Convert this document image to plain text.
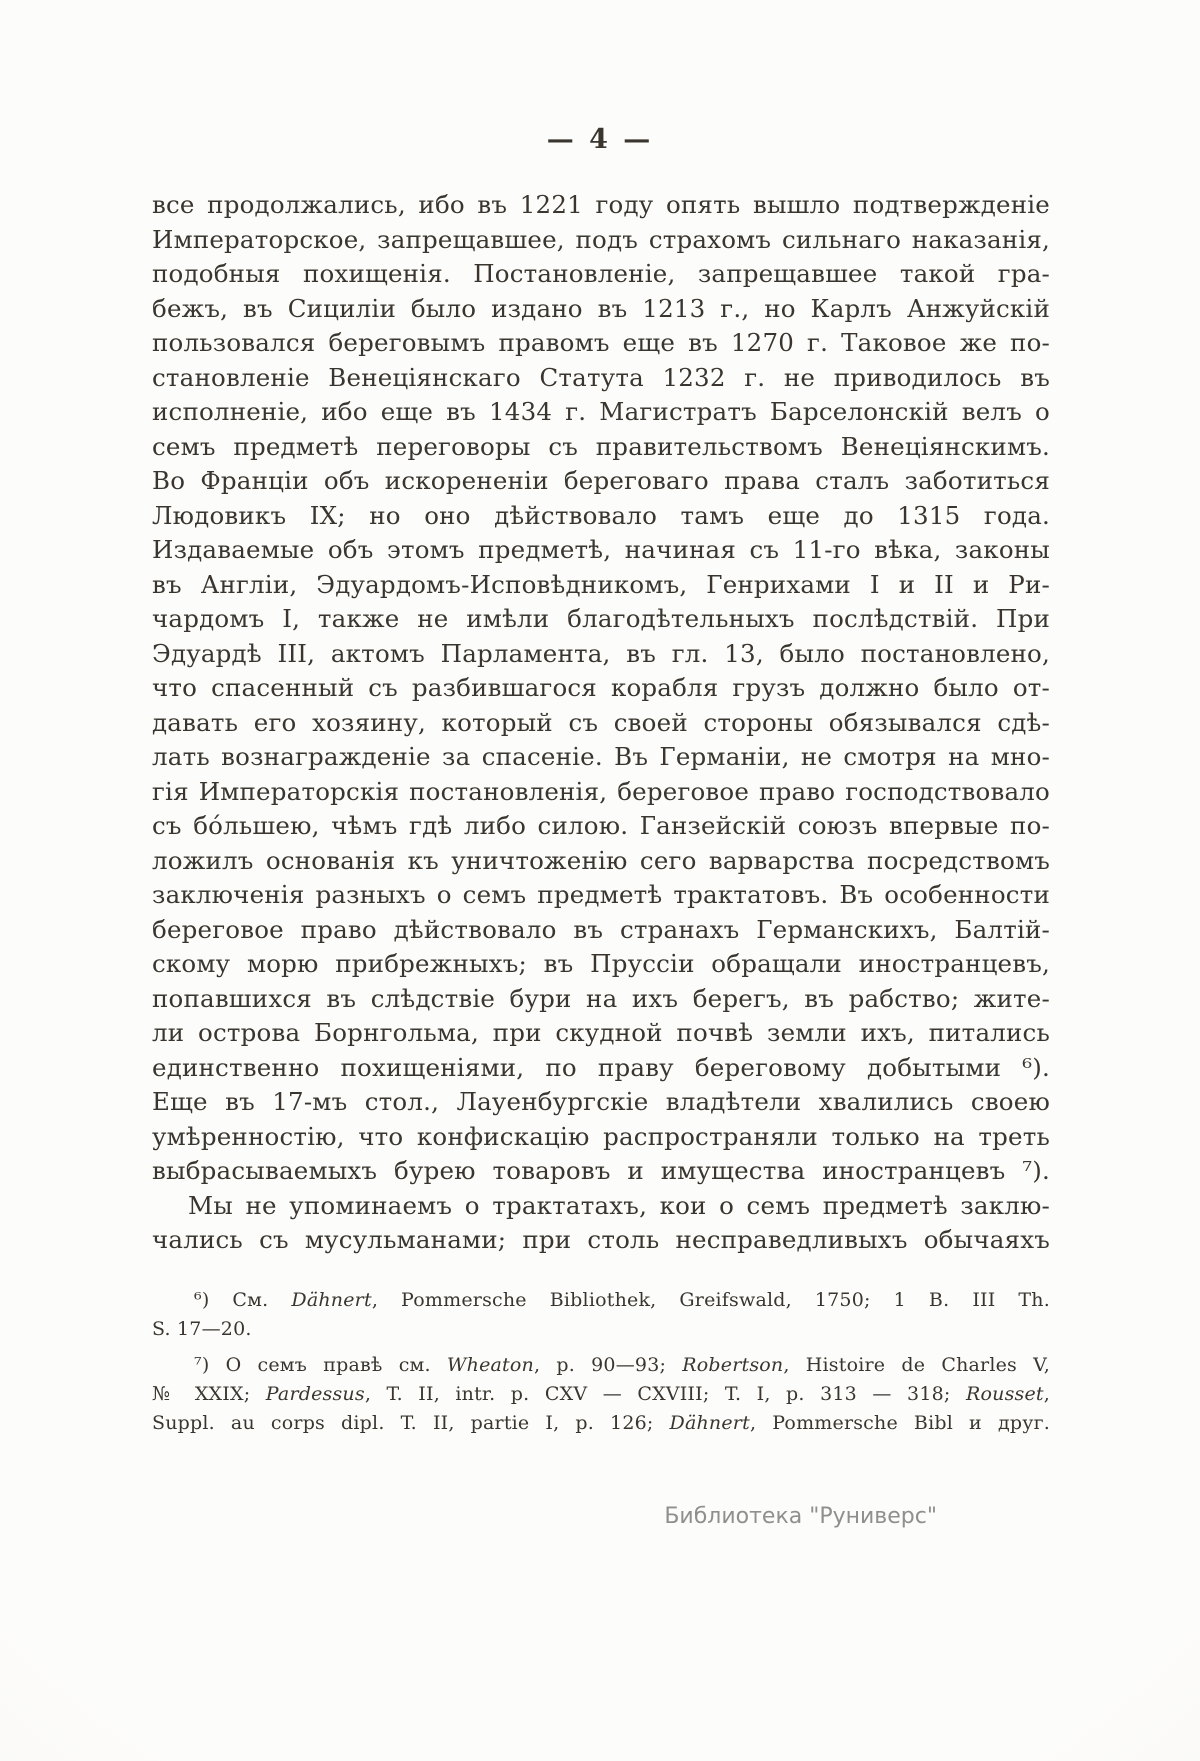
— 4 —
все продолжались, ибо въ 1221 году опять вышло подтвержденіе
Императорское, запрещавшее, подъ страхомъ сильнаго наказанія,
подобныя похищенія. Постановленіе, запрещавшее такой гра-
бежъ, въ Сициліи было издано въ 1213 г., но Карлъ Анжуйскій
пользовался береговымъ правомъ еще въ 1270 г. Таковое же по-
становленіе Венеціянскаго Статута 1232 г. не приводилось въ
исполненіе, ибо еще въ 1434 г. Магистратъ Барселонскій велъ о
семъ предметѣ переговоры съ правительствомъ Венеціянскимъ.
Во Франціи объ искорененіи береговаго права сталъ заботиться
Людовикъ IX; но оно дѣйствовало тамъ еще до 1315 года.
Издаваемые объ этомъ предметѣ, начиная съ 11-го вѣка, законы
въ Англіи, Эдуардомъ-Исповѣдникомъ, Генрихами I и II и Ри-
чардомъ I, также не имѣли благодѣтельныхъ послѣдствій. При
Эдуардѣ III, актомъ Парламента, въ гл. 13, было постановлено,
что спасенный съ разбившагося корабля грузъ должно было от-
давать его хозяину, который съ своей стороны обязывался сдѣ-
лать вознагражденіе за спасеніе. Въ Германіи, не смотря на мно-
гія Императорскія постановленія, береговое право господствовало
съ бо́льшею, чѣмъ гдѣ либо силою. Ганзейскій союзъ впервые по-
ложилъ основанія къ уничтоженію сего варварства посредствомъ
заключенія разныхъ о семъ предметѣ трактатовъ. Въ особенности
береговое право дѣйствовало въ странахъ Германскихъ, Балтій-
скому морю прибрежныхъ; въ Пруссіи обращали иностранцевъ,
попавшихся въ слѣдствіе бури на ихъ берегъ, въ рабство; жите-
ли острова Борнгольма, при скудной почвѣ земли ихъ, питались
единственно похищеніями, по праву береговому добытыми ⁶).
Еще въ 17-мъ стол., Лауенбургскіе владѣтели хвалились своею
умѣренностію, что конфискацію распространяли только на треть
выбрасываемыхъ бурею товаровъ и имущества иностранцевъ ⁷).
Мы не упоминаемъ о трактатахъ, кои о семъ предметѣ заклю-
чались съ мусульманами; при столь несправедливыхъ обычаяхъ
⁶) См. Dähnert, Pommersche Bibliothek, Greifswald, 1750; 1 B. III Th.
S. 17—20.
⁷) О семъ правѣ см. Wheaton, p. 90—93; Robertson, Histoire de Charles V,
№ XXIX; Pardessus, T. II, intr. p. CXV — CXVIII; T. I, p. 313 — 318; Rousset,
Suppl. au corps dipl. T. II, partie I, p. 126; Dähnert, Pommersche Bibl и друг.
Библиотека "Руниверс"
